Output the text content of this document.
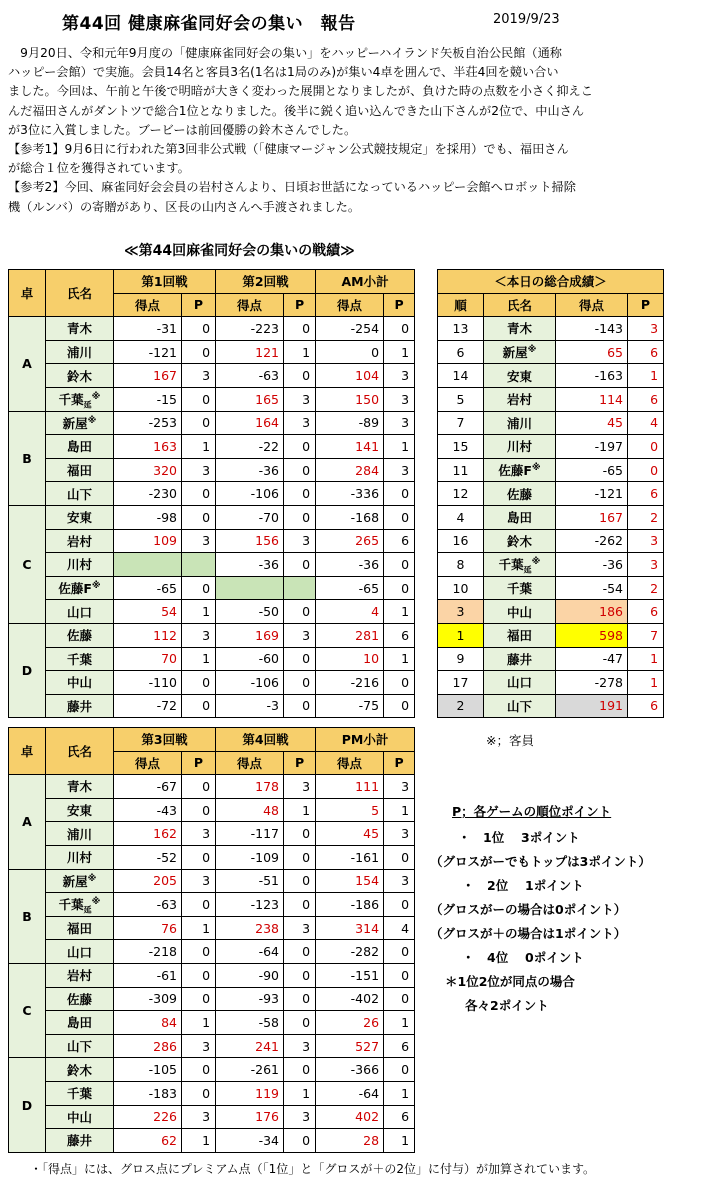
第44回 健康麻雀同好会の集い　報告	2019/9/23
　9月20日、令和元年9月度の「健康麻雀同好会の集い」をハッピーハイランド矢板自治公民館（通称
ハッピー会館）で実施。会員14名と客員3名(1名は1局のみ)が集い4卓を囲んで、半荘4回を競い合い
ました。今回は、午前と午後で明暗が大きく変わった展開となりましたが、負けた時の点数を小さく抑えこ
んだ福田さんがダントツで総合1位となりました。後半に鋭く追い込んできた山下さんが2位で、中山さん
が3位に入賞しました。ブービーは前回優勝の鈴木さんでした。
【参考1】9月6日に行われた第3回非公式戦（「健康マージャン公式競技規定」を採用）でも、福田さん
が総合１位を獲得されています。
【参考2】今回、麻雀同好会会員の岩村さんより、日頃お世話になっているハッピー会館へロボット掃除
機（ルンバ）の寄贈があり、区長の山内さんへ手渡されました。
≪第44回麻雀同好会の集いの戦績≫
卓	氏名	第1回戦		第2回戦		AM小計	
		得点	P	得点	P	得点	P
A	青木	-31	0	-223	0	-254	0
	浦川	-121	0	121	1	0	1
	鈴木	167	3	-63	0	104	3
	千葉$_延$※	-15	0	165	3	150	3
B	新屋※	-253	0	164	3	-89	3
	島田	163	1	-22	0	141	1
	福田	320	3	-36	0	284	3
	山下	-230	0	-106	0	-336	0
C	安東	-98	0	-70	0	-168	0
	岩村	109	3	156	3	265	6
	川村			-36	0	-36	0
	佐藤F※	-65	0			-65	0
	山口	54	1	-50	0	4	1
D	佐藤	112	3	169	3	281	6
	千葉	70	1	-60	0	10	1
	中山	-110	0	-106	0	-216	0
	藤井	-72	0	-3	0	-75	0
卓	氏名	第3回戦		第4回戦		PM小計	
		得点	P	得点	P	得点	P
A	青木	-67	0	178	3	111	3
	安東	-43	0	48	1	5	1
	浦川	162	3	-117	0	45	3
	川村	-52	0	-109	0	-161	0
B	新屋※	205	3	-51	0	154	3
	千葉$_延$※	-63	0	-123	0	-186	0
	福田	76	1	238	3	314	4
	山口	-218	0	-64	0	-282	0
C	岩村	-61	0	-90	0	-151	0
	佐藤	-309	0	-93	0	-402	0
	島田	84	1	-58	0	26	1
	山下	286	3	241	3	527	6
D	鈴木	-105	0	-261	0	-366	0
	千葉	-183	0	119	1	-64	1
	中山	226	3	176	3	402	6
	藤井	62	1	-34	0	28	1
＜本日の総合成績＞			
順	氏名	得点	P
13	青木	-143	3
6	新屋※	65	6
14	安東	-163	1
5	岩村	114	6
7	浦川	45	4
15	川村	-197	0
11	佐藤F※	-65	0
12	佐藤	-121	6
4	島田	167	2
16	鈴木	-262	3
8	千葉$_延$※	-36	3
10	千葉	-54	2
3	中山	186	6
1	福田	598	7
9	藤井	-47	1
17	山口	-278	1
2	山下	191	6
※；客員
P；各ゲームの順位ポイント
・　1位　 3ポイント
（グロスがーでもトップは3ポイント）
・　2位　 1ポイント
（グロスがーの場合は0ポイント）
（グロスが＋の場合は1ポイント）
・　4位　 0ポイント
＊1位2位が同点の場合
各々2ポイント
・「得点」には、グロス点にプレミアム点（「1位」と「グロスが＋の2位」に付与）が加算されています。
